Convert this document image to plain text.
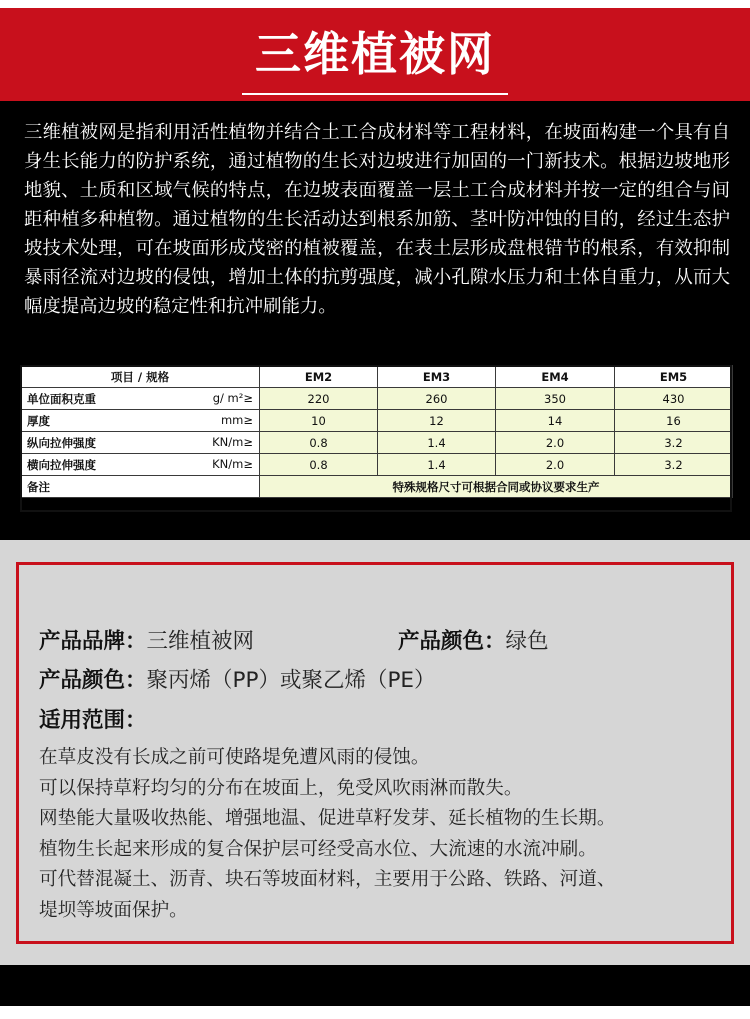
三维植被网

三维植被网是指利用活性植物并结合土工合成材料等工程材料，在坡面构建一个具有自身生长能力的防护系统，通过植物的生长对边坡进行加固的一门新技术。根据边坡地形地貌、土质和区域气候的特点，在边坡表面覆盖一层土工合成材料并按一定的组合与间距种植多种植物。通过植物的生长活动达到根系加筋、茎叶防冲蚀的目的，经过生态护坡技术处理，可在坡面形成茂密的植被覆盖，在表土层形成盘根错节的根系，有效抑制暴雨径流对边坡的侵蚀，增加土体的抗剪强度，减小孔隙水压力和土体自重力，从而大幅度提高边坡的稳定性和抗冲刷能力。

项目 / 规格	EM2	EM3	EM4	EM5

单位面积克重 g/ m²≥	220	260	350	430

厚度 mm≥	10	12	14	16

纵向拉伸强度 KN/m≥	0.8	1.4	2.0	3.2

横向拉伸强度 KN/m≥	0.8	1.4	2.0	3.2

备注	特殊规格尺寸可根据合同或协议要求生产			
产品品牌：三维植被网	产品颜色：绿色
产品颜色：聚丙烯（PP）或聚乙烯（PE）
适用范围：
在草皮没有长成之前可使路堤免遭风雨的侵蚀。
可以保持草籽均匀的分布在坡面上，免受风吹雨淋而散失。
网垫能大量吸收热能、增强地温、促进草籽发芽、延长植物的生长期。
植物生长起来形成的复合保护层可经受高水位、大流速的水流冲刷。
可代替混凝土、沥青、块石等坡面材料，主要用于公路、铁路、河道、
堤坝等坡面保护。
